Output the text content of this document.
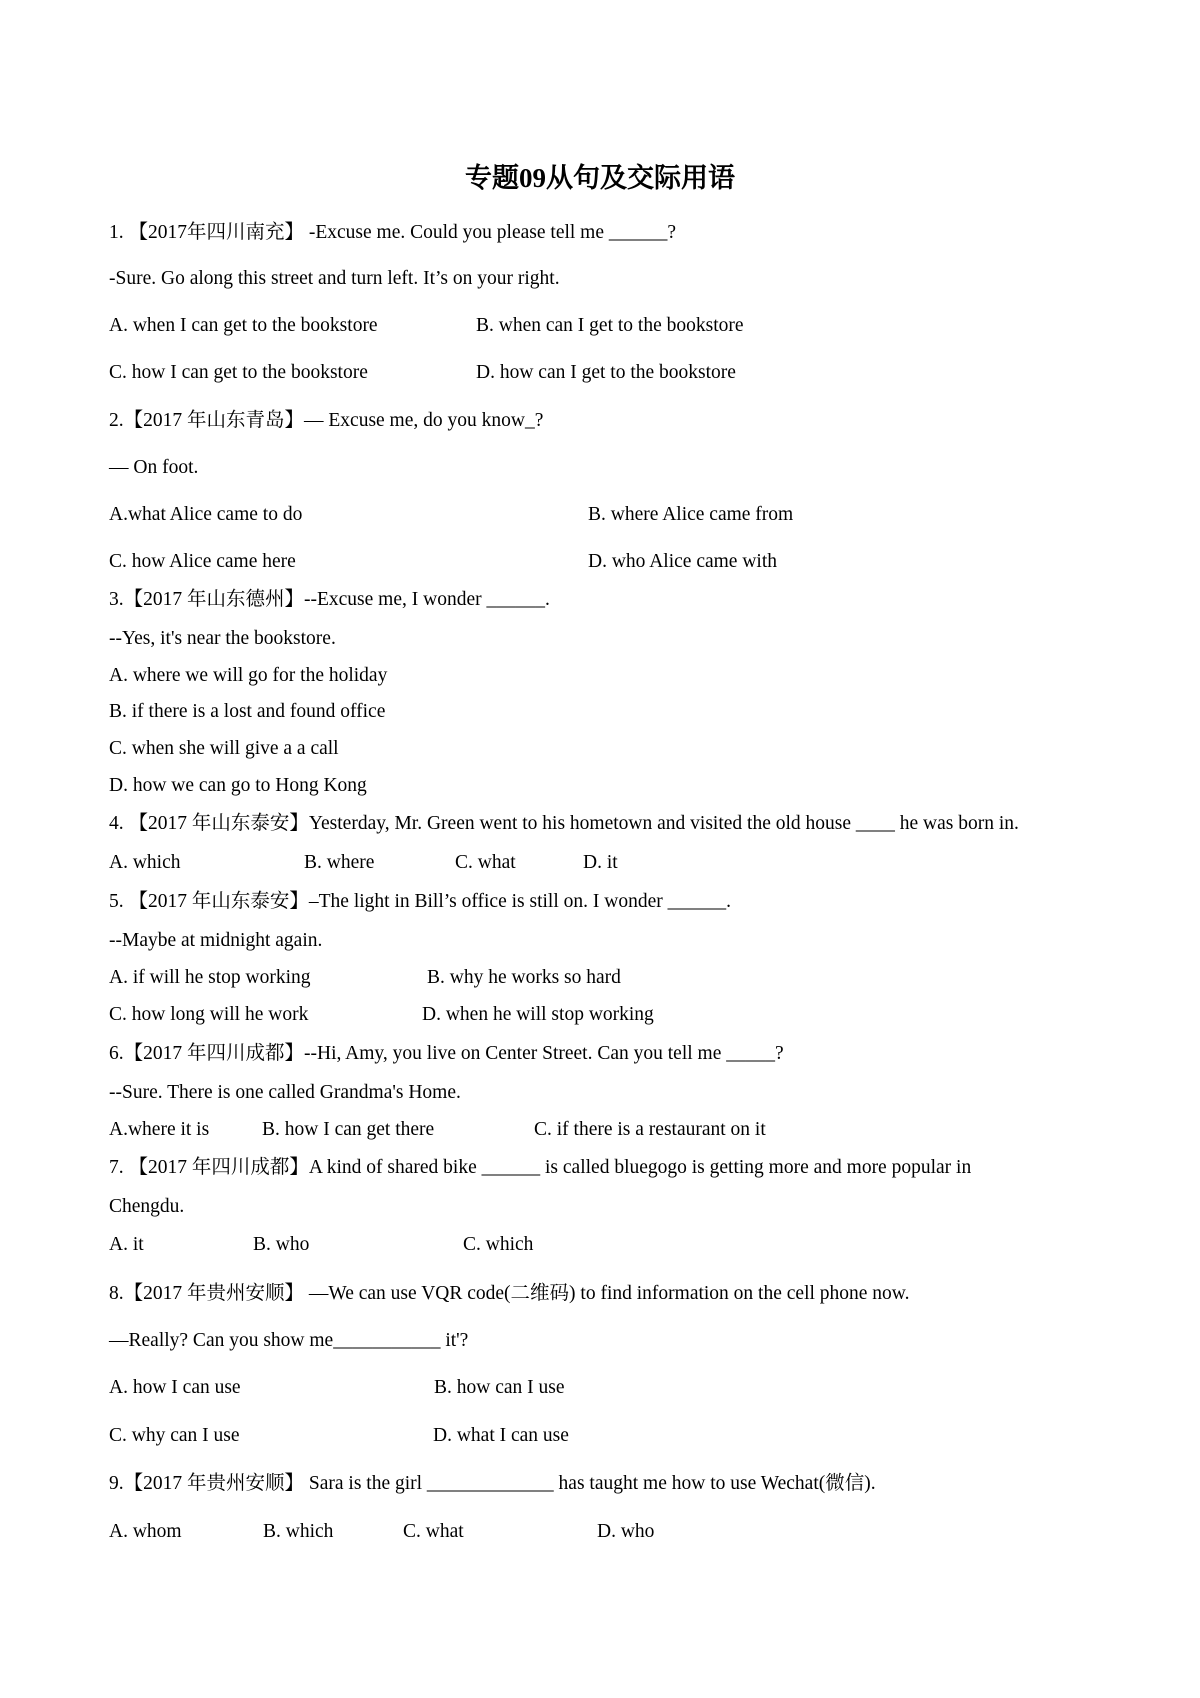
专题09从句及交际用语
1. 【2017年四川南充】 -Excuse me. Could you please tell me ______?
-Sure. Go along this street and turn left. It’s on your right.
A. when I can get to the bookstore	B. when can I get to the bookstore
C. how I can get to the bookstore	D. how can I get to the bookstore
2.【2017 年山东青岛】— Excuse me, do you know_?
— On foot.
A.what Alice came to do	B. where Alice came from
C. how Alice came here	D. who Alice came with
3.【2017 年山东德州】--Excuse me, I wonder ______.
--Yes, it's near the bookstore.
A. where we will go for the holiday
B. if there is a lost and found office
C. when she will give a a call
D. how we can go to Hong Kong
4. 【2017 年山东泰安】Yesterday, Mr. Green went to his hometown and visited the old house ____ he was born in.
A. which	B. where	C. what	D. it
5. 【2017 年山东泰安】–The light in Bill’s office is still on. I wonder ______.
--Maybe at midnight again.
A. if will he stop working	B. why he works so hard
C. how long will he work	D. when he will stop working
6.【2017 年四川成都】--Hi, Amy, you live on Center Street. Can you tell me _____?
--Sure. There is one called Grandma's Home.
A.where it is	B. how I can get there	C. if there is a restaurant on it
7. 【2017 年四川成都】A kind of shared bike ______ is called bluegogo is getting more and more popular in
Chengdu.
A. it	B. who	C. which
8.【2017 年贵州安顺】 —We can use VQR code(二维码) to find information on the cell phone now.
—Really? Can you show me___________ it'?
A. how I can use	B. how can I use
C. why can I use	D. what I can use
9.【2017 年贵州安顺】 Sara is the girl _____________ has taught me how to use Wechat(微信).
A. whom	B. which	C. what	D. who
